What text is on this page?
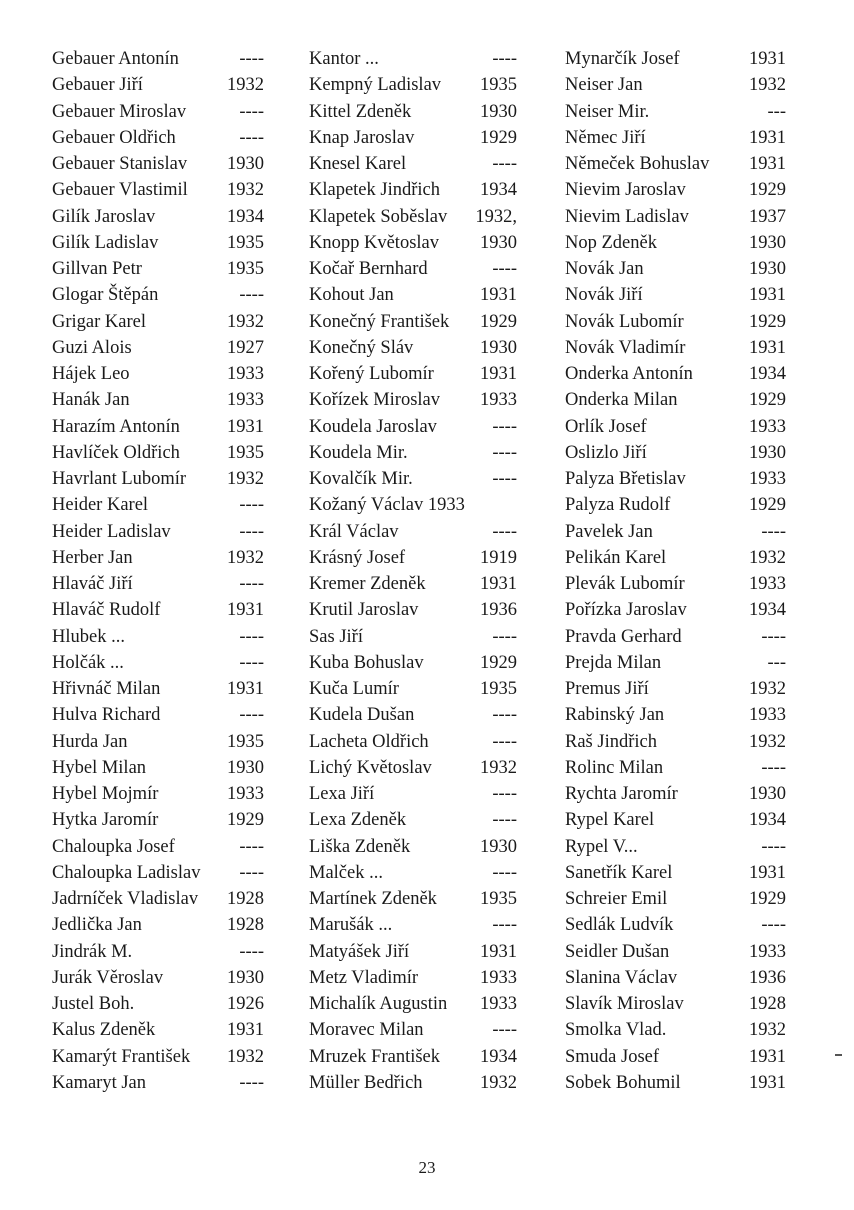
Gebauer Antonín	----
Gebauer Jiří	1932
Gebauer Miroslav	----
Gebauer Oldřich	----
Gebauer Stanislav 1930
Gebauer Vlastimil 1932
Gilík Jaroslav	1934
Gilík Ladislav	1935
Gillvan Petr	1935
Glogar Štěpán	----
Grigar Karel	1932
Guzi Alois	1927
Hájek Leo	1933
Hanák Jan	1933
Harazím Antonín	1931
Havlíček Oldřich	1935
Havrlant Lubomír 1932
Heider Karel	----
Heider Ladislav	----
Herber Jan	1932
Hlaváč Jiří	----
Hlaváč Rudolf	1931
Hlubek ...	----
Holčák ...	----
Hřivnáč Milan	1931
Hulva Richard	----
Hurda Jan	1935
Hybel Milan	1930
Hybel Mojmír	1933
Hytka Jaromír	1929
Chaloupka Josef	----
Chaloupka Ladislav ----
Jadrníček Vladislav 1928
Jedlička Jan	1928
Jindrák M.	----
Jurák Věroslav	1930
Justel Boh.	1926
Kalus Zdeněk	1931
Kamarýt František 1932
Kamaryt Jan	----
Kantor ...	----
Kempný Ladislav 1935
Kittel Zdeněk	1930
Knap Jaroslav	1929
Knesel Karel	----
Klapetek Jindřich 1934
Klapetek Soběslav 1932,
Knopp Květoslav 1930
Kočař Bernhard	----
Kohout Jan	1931
Konečný František 1929
Konečný Sláv	1930
Kořený Lubomír 1931
Kořízek Miroslav 1933
Koudela Jaroslav	----
Koudela Mir.	----
Kovalčík Mir.	----
Kožaný Václav 1933
Král Václav	----
Krásný Josef	1919
Kremer Zdeněk	1931
Krutil Jaroslav	1936
Sas Jiří	----
Kuba Bohuslav	1929
Kuča Lumír	1935
Kudela Dušan	----
Lacheta Oldřich	----
Lichý Květoslav	1932
Lexa Jiří	----
Lexa Zdeněk	----
Liška Zdeněk	1930
Malček ...	----
Martínek Zdeněk 1935
Marušák ...	----
Matyášek Jiří	1931
Metz Vladimír	1933
Michalík Augustin 1933
Moravec Milan	----
Mruzek František 1934
Müller Bedřich	1932
Mynarčík Josef	1931
Neiser Jan	1932
Neiser Mir.	---
Němec Jiří	1931
Němeček Bohuslav 1931
Nievim Jaroslav	1929
Nievim Ladislav	1937
Nop Zdeněk	1930
Novák Jan	1930
Novák Jiří	1931
Novák Lubomír	1929
Novák Vladimír	1931
Onderka Antonín	1934
Onderka Milan	1929
Orlík Josef	1933
Oslizlo Jiří	1930
Palyza Břetislav	1933
Palyza Rudolf	1929
Pavelek Jan	----
Pelikán Karel	1932
Plevák Lubomír	1933
Pořízka Jaroslav	1934
Pravda Gerhard	----
Prejda Milan	---
Premus Jiří	1932
Rabinský Jan	1933
Raš Jindřich	1932
Rolinc Milan	----
Rychta Jaromír	1930
Rypel Karel	1934
Rypel V...	----
Sanetřík Karel	1931
Schreier Emil	1929
Sedlák Ludvík	----
Seidler Dušan	1933
Slanina Václav	1936
Slavík Miroslav	1928
Smolka Vlad.	1932
Smuda Josef	1931
Sobek Bohumil	1931
23
